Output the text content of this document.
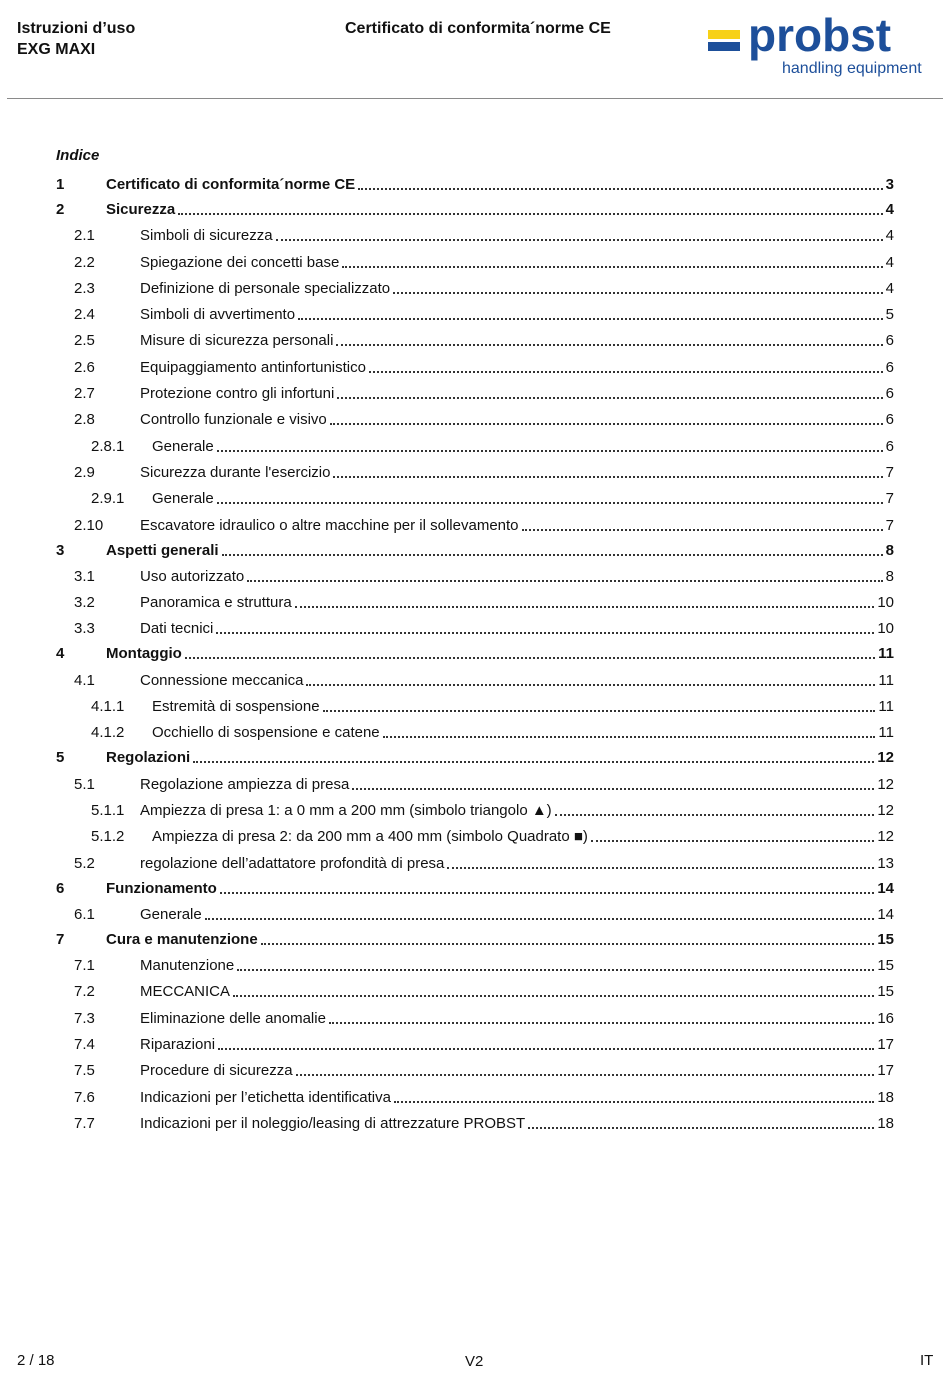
Istruzioni d’uso
EXG MAXI
Certificato di conformita´norme CE	probst
handling equipment
Indice
1	Certificato di conformita´norme CE	3
2	Sicurezza	4
2.1	Simboli di sicurezza	4
2.2	Spiegazione dei concetti base	4
2.3	Definizione di personale specializzato	4
2.4	Simboli di avvertimento	5
2.5	Misure di sicurezza personali	6
2.6	Equipaggiamento antinfortunistico	6
2.7	Protezione contro gli infortuni	6
2.8	Controllo funzionale e visivo	6
2.8.1 Generale	6
2.9	Sicurezza durante l'esercizio	7
2.9.1 Generale	7
2.10 Escavatore idraulico o altre macchine per il sollevamento	7
3	Aspetti generali	8
3.1	Uso autorizzato	8
3.2	Panoramica e struttura	10
3.3	Dati tecnici	10
4	Montaggio	11
4.1	Connessione meccanica	11
4.1.1 Estremità di sospensione	11
4.1.2 Occhiello di sospensione e catene	11
5	Regolazioni	12
5.1	Regolazione ampiezza di presa	12
5.1.1 Ampiezza di presa 1: a 0 mm a 200 mm (simbolo triangolo ▲)	12
5.1.2 Ampiezza di presa 2: da 200 mm a 400 mm (simbolo Quadrato ■)	12
5.2	regolazione dell’adattatore profondità di presa	13
6	Funzionamento	14
6.1	Generale	14
7	Cura e manutenzione	15
7.1	Manutenzione	15
7.2	MECCANICA	15
7.3	Eliminazione delle anomalie	16
7.4	Riparazioni	17
7.5	Procedure di sicurezza	17
7.6	Indicazioni per l’etichetta identificativa	18
7.7	Indicazioni per il noleggio/leasing di attrezzature PROBST	18
2 / 18	V2	IT
